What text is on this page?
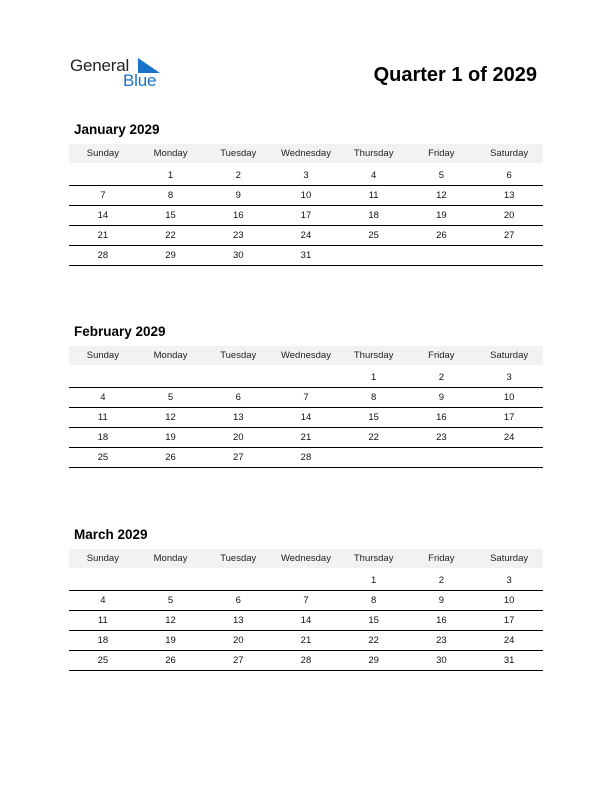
General
Blue	Quarter 1 of 2029
January 2029
Sunday	Monday	Tuesday	Wednesday	Thursday	Friday	Saturday

	1	2	3	4	5	6
7	8	9	10	11	12	13
14	15	16	17	18	19	20
21	22	23	24	25	26	27
28	29	30	31			
February 2029
Sunday	Monday	Tuesday	Wednesday	Thursday	Friday	Saturday

				1	2	3
4	5	6	7	8	9	10
11	12	13	14	15	16	17
18	19	20	21	22	23	24
25	26	27	28			
March 2029
Sunday	Monday	Tuesday	Wednesday	Thursday	Friday	Saturday

				1	2	3
4	5	6	7	8	9	10
11	12	13	14	15	16	17
18	19	20	21	22	23	24
25	26	27	28	29	30	31
